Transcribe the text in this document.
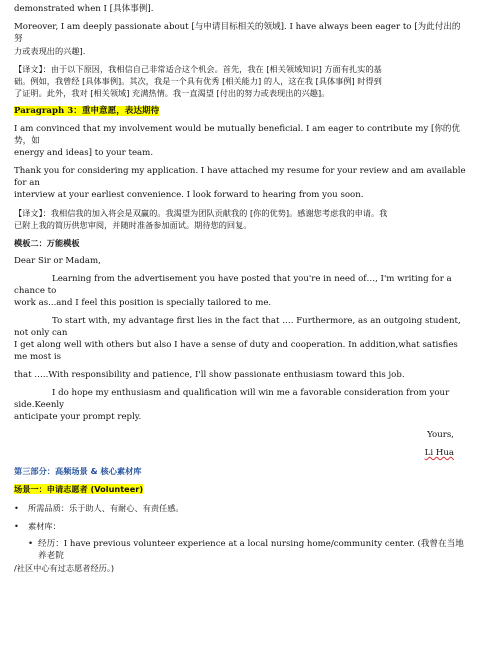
demonstrated when I [具体事例].

Moreover, I am deeply passionate about [与申请目标相关的领域]. I have always been eager to [为此付出的努

力或表现出的兴趣].

【译文】：由于以下原因，我相信自己非常适合这个机会。首先，我在 [相关领域知识] 方面有扎实的基

础。例如，我曾经 [具体事例]。其次，我是一个具有优秀 [相关能力] 的人，这在我 [具体事例] 时得到

了证明。此外，我对 [相关领域] 充满热情。我一直渴望 [付出的努力或表现出的兴趣]。

Paragraph 3：重申意愿，表达期待

I am convinced that my involvement would be mutually beneficial. I am eager to contribute my [你的优势，如

energy and ideas] to your team.

Thank you for considering my application. I have attached my resume for your review and am available for an

interview at your earliest convenience. I look forward to hearing from you soon.

【译文】：我相信我的加入将会是双赢的。我渴望为团队贡献我的 [你的优势]。感谢您考虑我的申请。我

已附上我的简历供您审阅，并随时准备参加面试。期待您的回复。

模板二：万能模板

Dear Sir or Madam,

Learning from the advertisement you have posted that you're in need of…, I'm writing for a chance to

work as...and I feel this position is specially tailored to me.

To start with, my advantage first lies in the fact that …. Furthermore, as an outgoing student, not only can

I get along well with others but also I have a sense of duty and cooperation. In addition,what satisfies me most is

that …..With responsibility and patience, I'll show passionate enthusiasm toward this job.

I do hope my enthusiasm and qualification will win me a favorable consideration from your side.Keenly

anticipate your prompt reply.

Yours,

Li Hua

第三部分：高频场景 & 核心素材库

场景一：申请志愿者 (Volunteer)

•	所需品质：乐于助人、有耐心、有责任感。
•	素材库：
• 经历：I have previous volunteer experience at a local nursing home/community center. (我曾在当地养老院

/社区中心有过志愿者经历。)
